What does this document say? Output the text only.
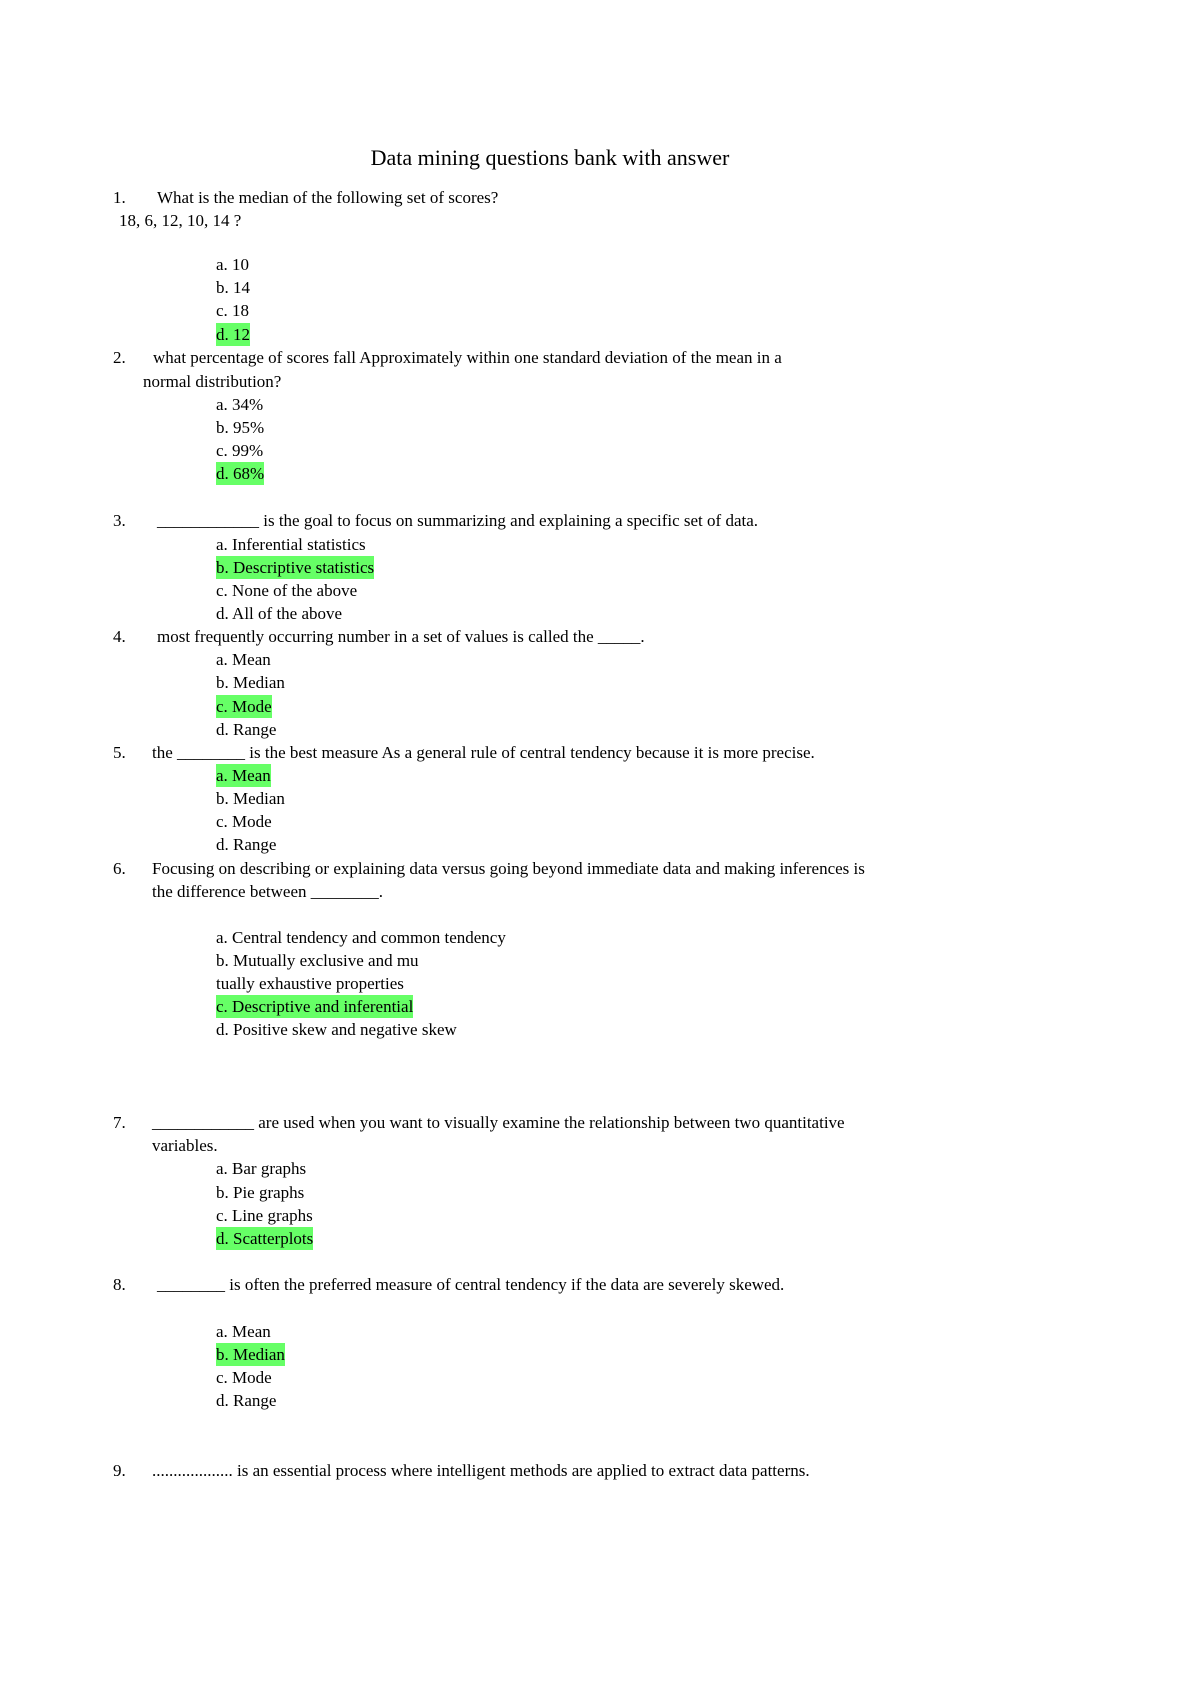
Data mining questions bank with answer
1.	What is the median of the following set of scores?
18, 6, 12, 10, 14 ?
a. 10
b. 14
c. 18
d. 12
2.	what percentage of scores fall Approximately within one standard deviation of the mean in a
normal distribution?
a. 34%
b. 95%
c. 99%
d. 68%
3.	____________ is the goal to focus on summarizing and explaining a specific set of data.
a. Inferential statistics
b. Descriptive statistics
c. None of the above
d. All of the above
4.	most frequently occurring number in a set of values is called the _____.
a. Mean
b. Median
c. Mode
d. Range
5.	the ________ is the best measure As a general rule of central tendency because it is more precise.
a. Mean
b. Median
c. Mode
d. Range
6.	Focusing on describing or explaining data versus going beyond immediate data and making inferences is
the difference between ________.
a. Central tendency and common tendency
b. Mutually exclusive and mu
tually exhaustive properties
c. Descriptive and inferential
d. Positive skew and negative skew
7.	____________ are used when you want to visually examine the relationship between two quantitative
variables.
a. Bar graphs
b. Pie graphs
c. Line graphs
d. Scatterplots
8.	________ is often the preferred measure of central tendency if the data are severely skewed.
a. Mean
b. Median
c. Mode
d. Range
9.	................... is an essential process where intelligent methods are applied to extract data patterns.
